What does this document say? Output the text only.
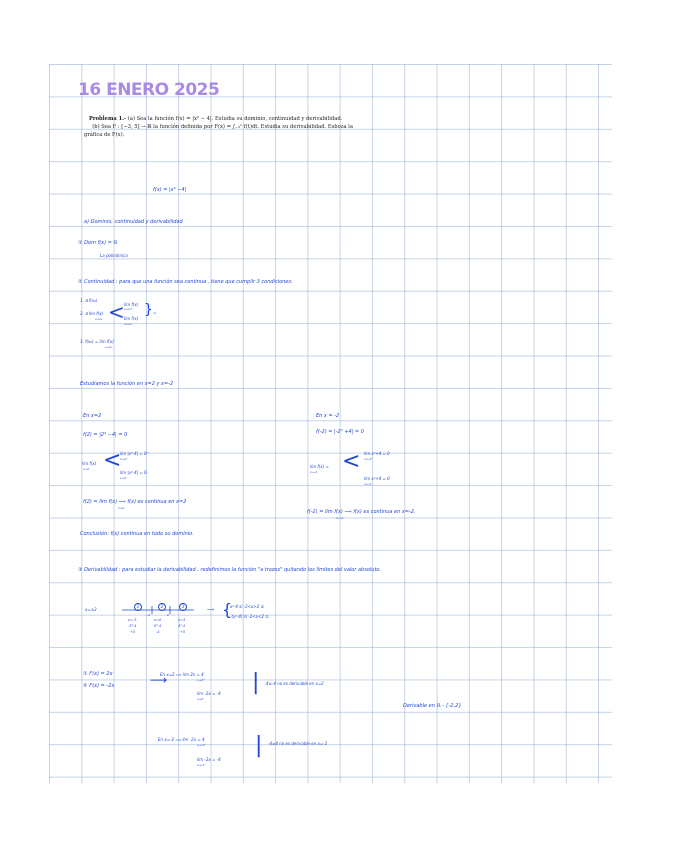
16 ENERO 2025
Problema 1.- (a) Sea la función f(x) = |x² − 4|. Estudia su dominio, continuidad y derivabilidad.
(b) Sea F : [−3, 5] → ℝ la función definida por F(x) = ∫₋₃ˣ f(t)dt. Estudia su derivabilidad. Esboza la gráfica de F(x).
f(x) = |x² −4|
a) Dominio, continuidad y derivabilidad
① Dom f(x) = ℝ
La polinómica
② Continuidad : para que una función sea continua , tiene que cumplir 3 condiciones:
1. ∃ f(x₀)
2. ∃ lím f(x)
x→x₀ < lím f(x)
x→x₀⁺
lím f(x)
x→x₀⁻
} =
3. f(x₀) = lím f(x)
x→x₀
Estudiamos la función en x=2 y x=-2
En x=2	En x = -2
f(2) = |2² −4| = 0	f(-2) = |-2² +4| = 0
lím f(x)
x→2 <
lím |x²-4| = 0⁺
x→2⁺
lím |x²-4| = 0⁻
x→2⁻
lím f(x) =
x→-2 < lím x²+4 = 0
x→-2⁺
lím x²+4 = 0
x→-2⁻
f(2) = lím f(x) ⟹ f(x) es continua en x=2
x→2
f(-2) = lím f(x) ⟹ f(x) es continua en x=-2.
x→-2
Conclusión: f(x) continua en todo su dominio.
③ Derivabilidad : para estudiar la derivabilidad , redefinimos la función "a trozos" quitando los límites del valor absoluto.
x=±2
1	2	3
-2	2
x=-3
-3²-4
+5
x=0
0²-4
-4
x=3
3²-4
+5
⟹ {
x²-4 si -2<x>2 ①
-(x²-4) si -2<x<2 ②
① f'(x) = 2x
② f'(x) = -2x	⟶
En x=2 ⟹ lím 2x = 4
x→2⁺
lím -2x = -4
x→2⁻
| 4≠-4 no es derivable en x=2
Derivable en ℝ - {-2,2}
En x=-2 ⟹ lím -2x = 4
x→-2⁺
lím -2x = -4
x→-2⁻
| -4≠4 no es derivable en x=-2
